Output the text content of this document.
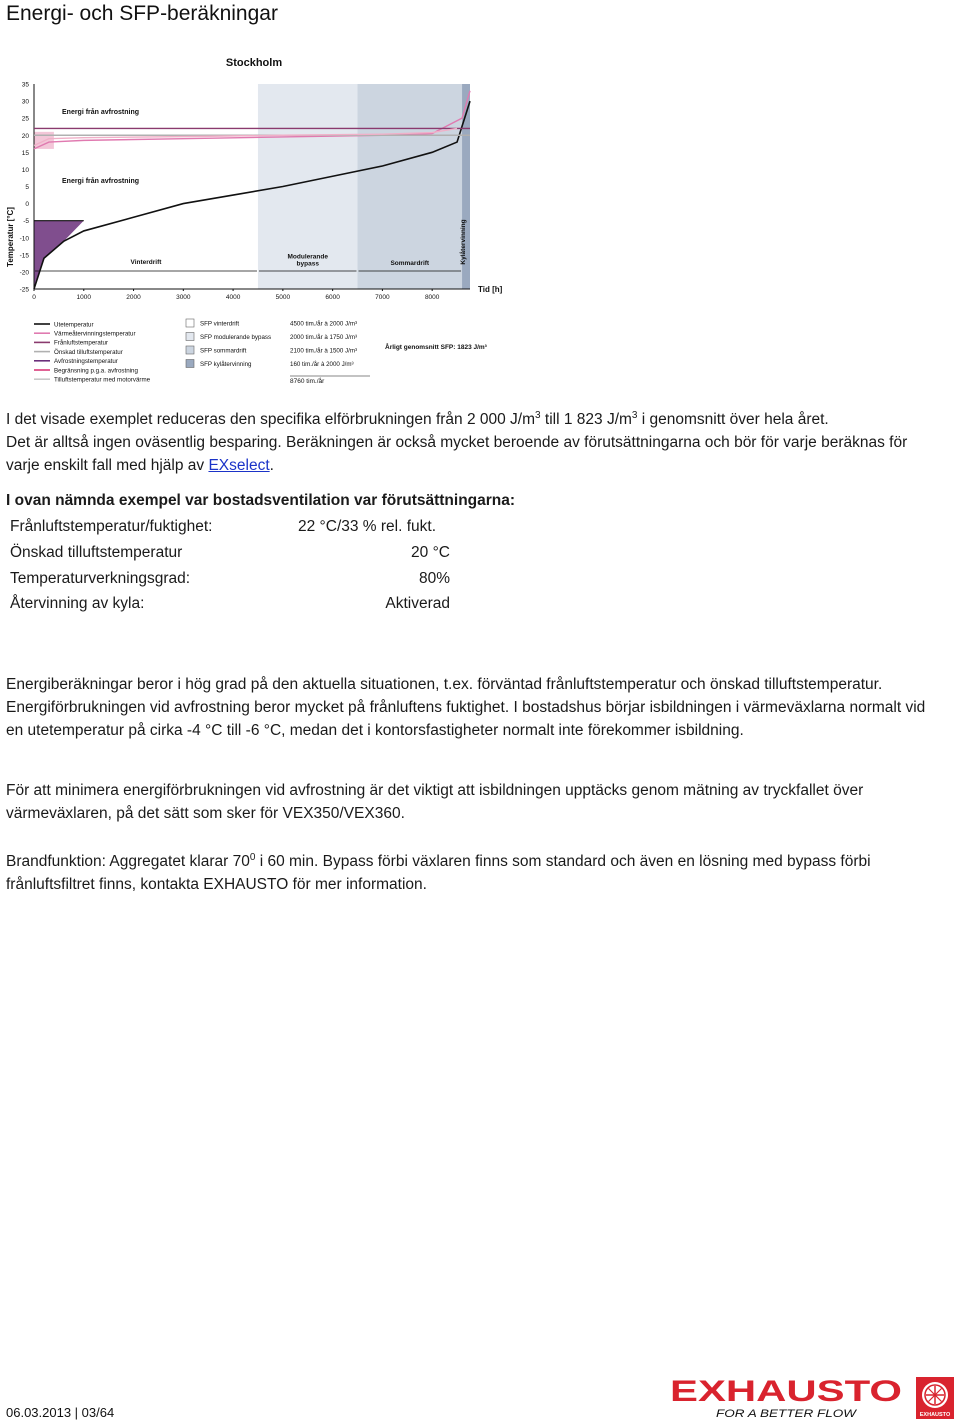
Energi- och SFP-beräkningar
35
30
25
20
15
10
5
0
-5
-10
-15
-20
-25
0	1000	2000	3000	4000	5000	6000	7000	8000
Stockholm
Temperatur [°C]
Tid [h]
Energi från avfrostning
Energi från avfrostning
Vinterdrift
Modulerande
bypass	Sommardrift	Kylåtervinning
Utetemperatur
Värmeåtervinningstemperatur
Frånluftstemperatur
Önskad tilluftstemperatur
Avfrostningstemperatur
Begränsning p.g.a. avfrostning
Tilluftstemperatur med motorvärme
SFP vinterdrift	4500 tim./år à 2000 J/m³
SFP modulerande bypass	2000 tim./år à 1750 J/m³
SFP sommardrift	2100 tim./år à 1500 J/m³
SFP kylåtervinning	160 tim./år à 2000 J/m³
8760 tim./år
Årligt genomsnitt SFP: 1823 J/m³
I det visade exemplet reduceras den specifika elförbrukningen från 2 000 $J/m^3$ till 1 823 $J/m^3$ i genomsnitt över hela året.
Det är alltså ingen oväsentlig besparing. Beräkningen är också mycket beroende av förutsättningarna och bör för varje beräknas för varje enskilt fall med hjälp av EXselect.
I ovan nämnda exempel var bostadsventilation var förutsättningarna:
Frånluftstemperatur/fuktighet:	22 °C/33 % rel. fukt.
Önskad tilluftstemperatur	20 °C
Temperaturverkningsgrad:	80%
Återvinning av kyla:	Aktiverad
Energiberäkningar beror i hög grad på den aktuella situationen, t.ex. förväntad frånluftstemperatur och önskad tilluftstemperatur. Energiförbrukningen vid avfrostning beror mycket på frånluftens fuktighet. I bostadshus börjar isbildningen i värmeväxlarna normalt vid en utetemperatur på cirka -4 °C till -6 °C, medan det i kontorsfastigheter normalt inte förekommer isbildning.
För att minimera energiförbrukningen vid avfrostning är det viktigt att isbildningen upptäcks genom mätning av tryckfallet över värmeväxlaren, på det sätt som sker för VEX350/VEX360.
Brandfunktion: Aggregatet klarar $70^0$ i 60 min. Bypass förbi växlaren finns som standard och även en lösning med bypass förbi frånluftsfiltret finns, kontakta EXHAUSTO för mer information.
EXHAUSTO
FOR A BETTER FLOW	EXHAUSTO
06.03.2013 | 03/64
